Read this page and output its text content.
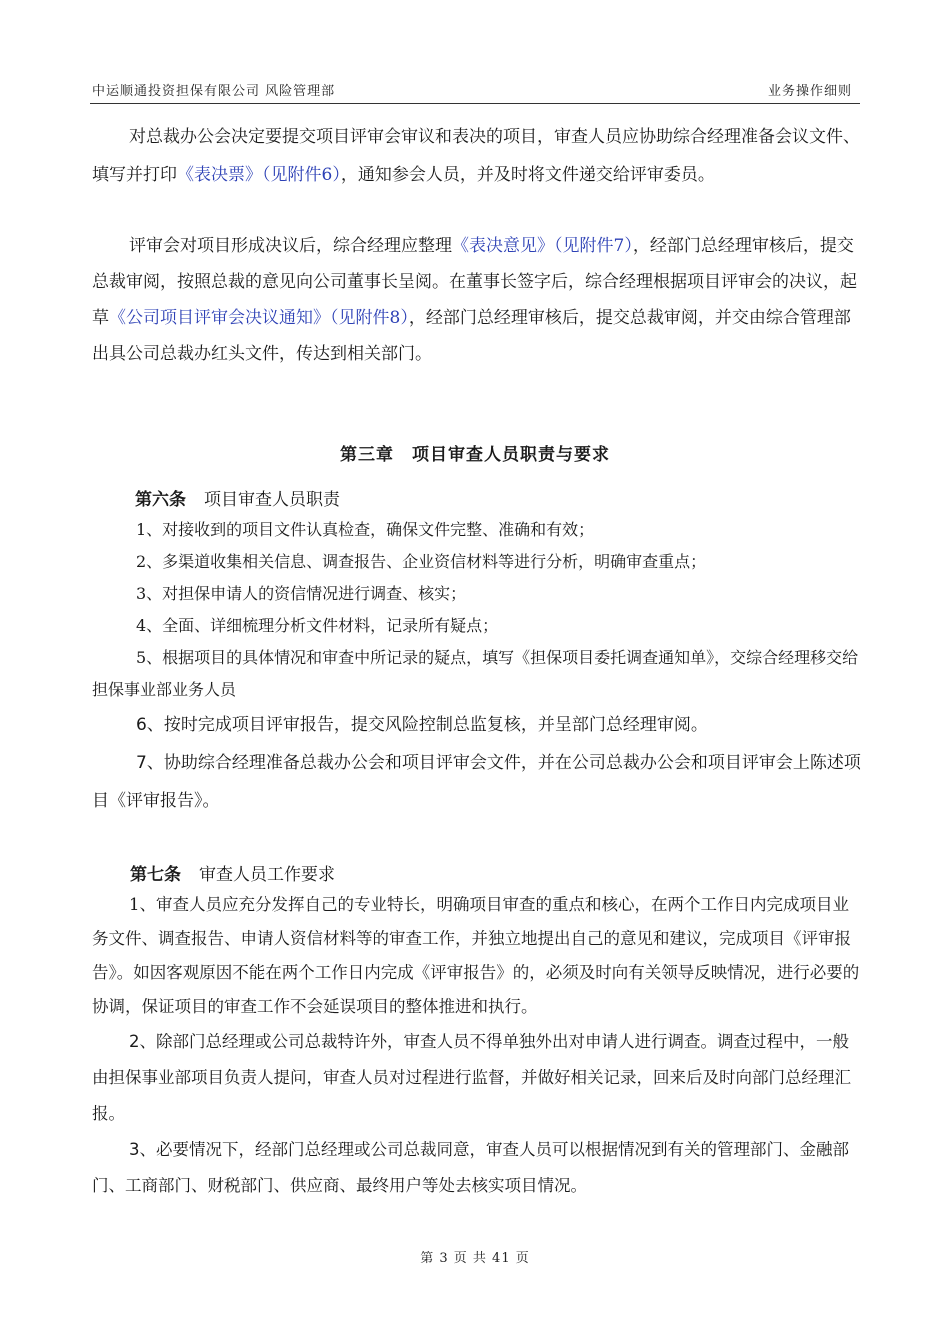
中运顺通投资担保有限公司 风险管理部	业务操作细则

对总裁办公会决定要提交项目评审会审议和表决的项目，审查人员应协助综合经理准备会议文件、填写并打印《表决票》（见附件6），通知参会人员，并及时将文件递交给评审委员。

评审会对项目形成决议后，综合经理应整理《表决意见》（见附件7），经部门总经理审核后，提交总裁审阅，按照总裁的意见向公司董事长呈阅。在董事长签字后，综合经理根据项目评审会的决议，起草《公司项目评审会决议通知》（见附件8），经部门总经理审核后，提交总裁审阅，并交由综合管理部出具公司总裁办红头文件，传达到相关部门。

第三章　项目审查人员职责与要求
第六条 项目审查人员职责
1、对接收到的项目文件认真检查，确保文件完整、准确和有效；
2、多渠道收集相关信息、调查报告、企业资信材料等进行分析，明确审查重点；
3、对担保申请人的资信情况进行调查、核实；
4、全面、详细梳理分析文件材料，记录所有疑点；
5、根据项目的具体情况和审查中所记录的疑点，填写《担保项目委托调查通知单》，交综合经理移交给担保事业部业务人员
6、按时完成项目评审报告，提交风险控制总监复核，并呈部门总经理审阅。
7、协助综合经理准备总裁办公会和项目评审会文件，并在公司总裁办公会和项目评审会上陈述项目《评审报告》。
第七条 审查人员工作要求
1、审查人员应充分发挥自己的专业特长，明确项目审查的重点和核心，在两个工作日内完成项目业务文件、调查报告、申请人资信材料等的审查工作，并独立地提出自己的意见和建议，完成项目《评审报告》。如因客观原因不能在两个工作日内完成《评审报告》的，必须及时向有关领导反映情况，进行必要的协调，保证项目的审查工作不会延误项目的整体推进和执行。
2、除部门总经理或公司总裁特许外，审查人员不得单独外出对申请人进行调查。调查过程中，一般由担保事业部项目负责人提问，审查人员对过程进行监督，并做好相关记录，回来后及时向部门总经理汇报。
3、必要情况下，经部门总经理或公司总裁同意，审查人员可以根据情况到有关的管理部门、金融部门、工商部门、财税部门、供应商、最终用户等处去核实项目情况。
第 3 页 共 41 页
